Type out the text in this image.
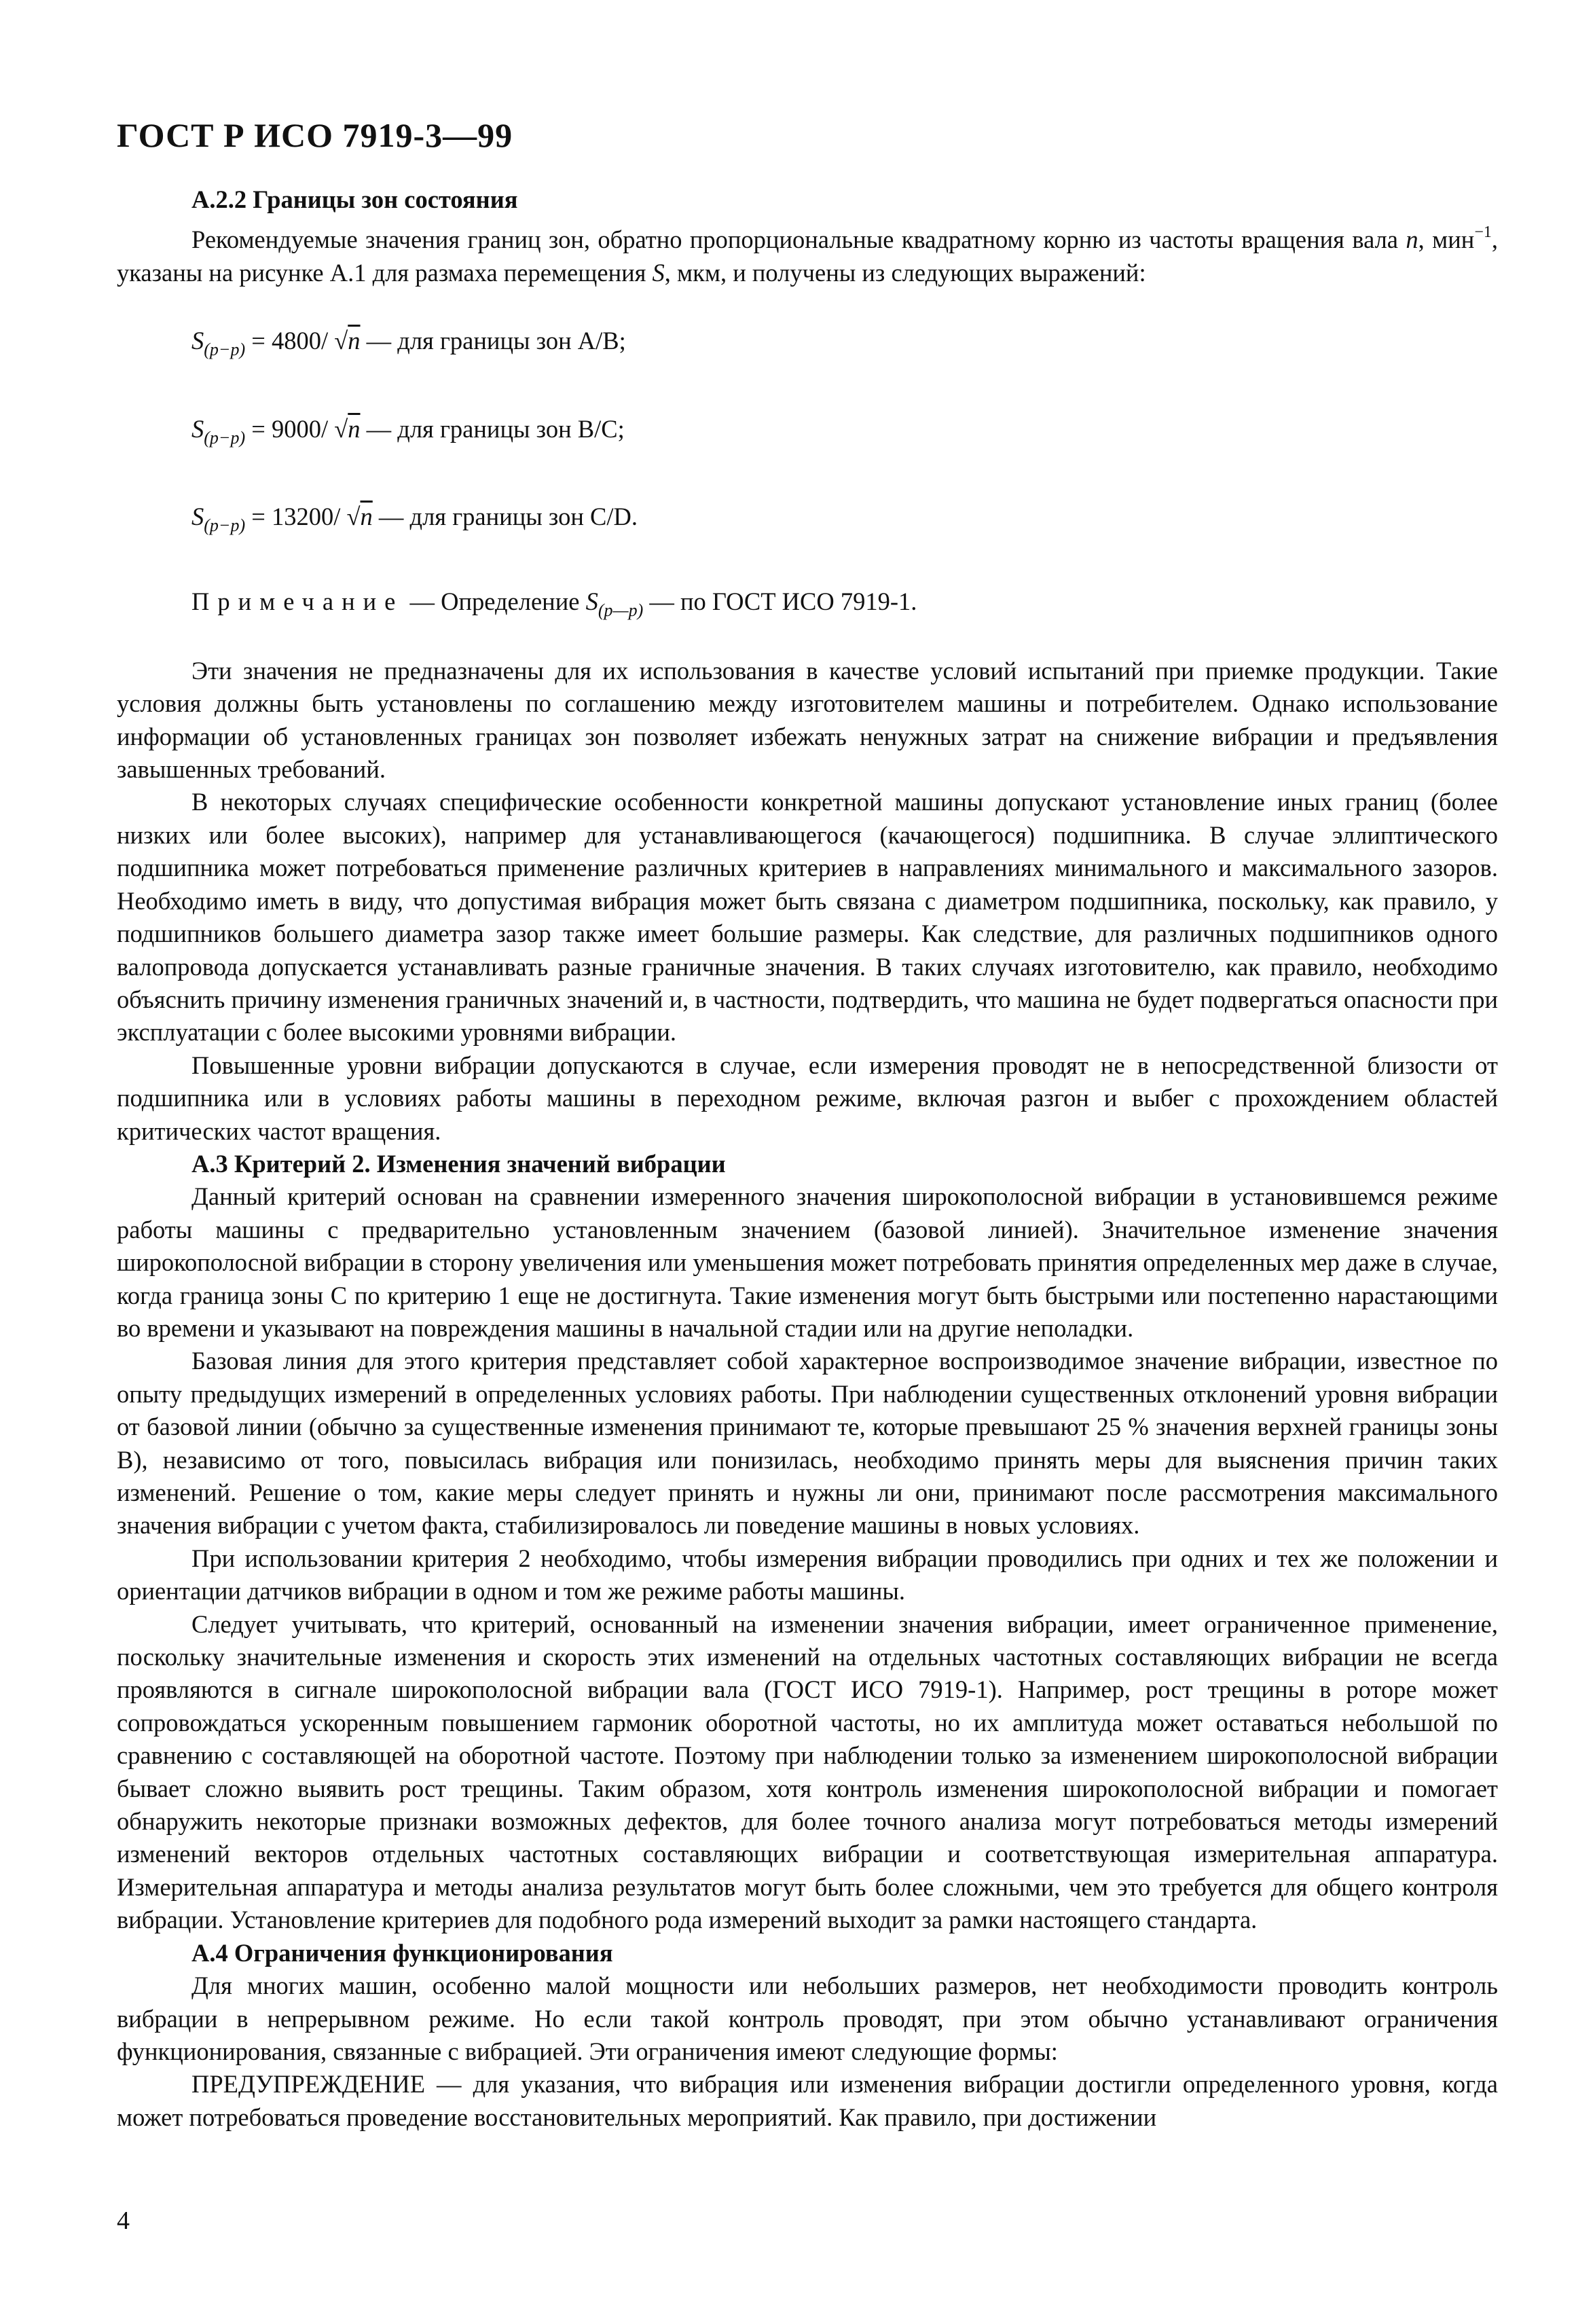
ГОСТ Р ИСО 7919-3—99
А.2.2 Границы зон состояния

Рекомендуемые значения границ зон, обратно пропорциональные квадратному корню из частоты вращения вала n, мин$^{-1}$, указаны на рисунке А.1 для размаха перемещения S, мкм, и получены из следующих выражений:

$S_{(p-p)} = 4800/$ √n — для границы зон A/B;
$S_{(p-p)} = 9000/$ √n — для границы зон B/C;
$S_{(p-p)} = 13200/$ √n — для границы зон C/D.
Примечание — Определение $S_{(p—p)}$ — по ГОСТ ИСО 7919-1.

Эти значения не предназначены для их использования в качестве условий испытаний при приемке продукции. Такие условия должны быть установлены по соглашению между изготовителем машины и потребителем. Однако использование информации об установленных границах зон позволяет избежать ненужных затрат на снижение вибрации и предъявления завышенных требований.

В некоторых случаях специфические особенности конкретной машины допускают установление иных границ (более низких или более высоких), например для устанавливающегося (качающегося) подшипника. В случае эллиптического подшипника может потребоваться применение различных критериев в направлениях минимального и максимального зазоров. Необходимо иметь в виду, что допустимая вибрация может быть связана с диаметром подшипника, поскольку, как правило, у подшипников большего диаметра зазор также имеет большие размеры. Как следствие, для различных подшипников одного валопровода допускается устанавливать разные граничные значения. В таких случаях изготовителю, как правило, необходимо объяснить причину изменения граничных значений и, в частности, подтвердить, что машина не будет подвергаться опасности при эксплуатации с более высокими уровнями вибрации.

Повышенные уровни вибрации допускаются в случае, если измерения проводят не в непосредственной близости от подшипника или в условиях работы машины в переходном режиме, включая разгон и выбег с прохождением областей критических частот вращения.

А.3 Критерий 2. Изменения значений вибрации

Данный критерий основан на сравнении измеренного значения широкополосной вибрации в установившемся режиме работы машины с предварительно установленным значением (базовой линией). Значительное изменение значения широкополосной вибрации в сторону увеличения или уменьшения может потребовать принятия определенных мер даже в случае, когда граница зоны С по критерию 1 еще не достигнута. Такие изменения могут быть быстрыми или постепенно нарастающими во времени и указывают на повреждения машины в начальной стадии или на другие неполадки.

Базовая линия для этого критерия представляет собой характерное воспроизводимое значение вибрации, известное по опыту предыдущих измерений в определенных условиях работы. При наблюдении существенных отклонений уровня вибрации от базовой линии (обычно за существенные изменения принимают те, которые превышают 25 % значения верхней границы зоны В), независимо от того, повысилась вибрация или понизилась, необходимо принять меры для выяснения причин таких изменений. Решение о том, какие меры следует принять и нужны ли они, принимают после рассмотрения максимального значения вибрации с учетом факта, стабилизировалось ли поведение машины в новых условиях.

При использовании критерия 2 необходимо, чтобы измерения вибрации проводились при одних и тех же положении и ориентации датчиков вибрации в одном и том же режиме работы машины.

Следует учитывать, что критерий, основанный на изменении значения вибрации, имеет ограниченное применение, поскольку значительные изменения и скорость этих изменений на отдельных частотных составляющих вибрации не всегда проявляются в сигнале широкополосной вибрации вала (ГОСТ ИСО 7919-1). Например, рост трещины в роторе может сопровождаться ускоренным повышением гармоник оборотной частоты, но их амплитуда может оставаться небольшой по сравнению с составляющей на оборотной частоте. Поэтому при наблюдении только за изменением широкополосной вибрации бывает сложно выявить рост трещины. Таким образом, хотя контроль изменения широкополосной вибрации и помогает обнаружить некоторые признаки возможных дефектов, для более точного анализа могут потребоваться методы измерений изменений векторов отдельных частотных составляющих вибрации и соответствующая измерительная аппаратура. Измерительная аппаратура и методы анализа результатов могут быть более сложными, чем это требуется для общего контроля вибрации. Установление критериев для подобного рода измерений выходит за рамки настоящего стандарта.

А.4 Ограничения функционирования

Для многих машин, особенно малой мощности или небольших размеров, нет необходимости проводить контроль вибрации в непрерывном режиме. Но если такой контроль проводят, при этом обычно устанавливают ограничения функционирования, связанные с вибрацией. Эти ограничения имеют следующие формы:

ПРЕДУПРЕЖДЕНИЕ — для указания, что вибрация или изменения вибрации достигли определенного уровня, когда может потребоваться проведение восстановительных мероприятий. Как правило, при достижении

4
